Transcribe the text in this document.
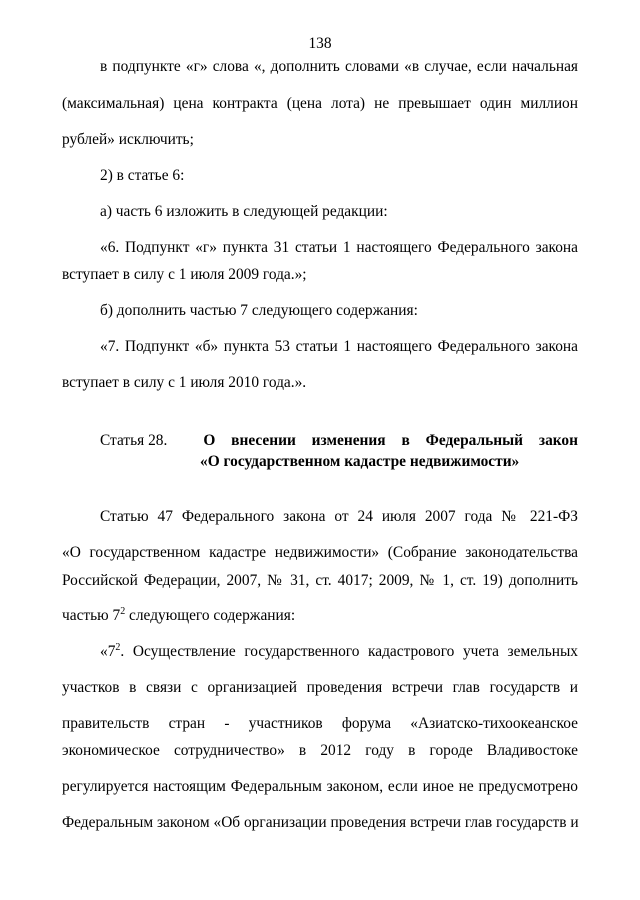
138
в подпункте «г» слова «, дополнить словами «в случае, если начальная
(максимальная) цена контракта (цена лота) не превышает один миллион
рублей» исключить;
2) в статье 6:
а) часть 6 изложить в следующей редакции:
«6. Подпункт «г» пункта 31 статьи 1 настоящего Федерального закона
вступает в силу с 1 июля 2009 года.»;
б) дополнить частью 7 следующего содержания:
«7. Подпункт «б» пункта 53 статьи 1 настоящего Федерального закона
вступает в силу с 1 июля 2010 года.».
Статья 28. О внесении изменения в Федеральный закон
«О государственном кадастре недвижимости»
Статью 47 Федерального закона от 24 июля 2007 года № 221-ФЗ
«О государственном кадастре недвижимости» (Собрание законодательства
Российской Федерации, 2007, № 31, ст. 4017; 2009, № 1, ст. 19) дополнить
частью $7^2$ следующего содержания:
«$7^2$. Осуществление государственного кадастрового учета земельных
участков в связи с организацией проведения встречи глав государств и
правительств стран - участников форума «Азиатско-тихоокеанское
экономическое сотрудничество» в 2012 году в городе Владивостоке
регулируется настоящим Федеральным законом, если иное не предусмотрено
Федеральным законом «Об организации проведения встречи глав государств и
